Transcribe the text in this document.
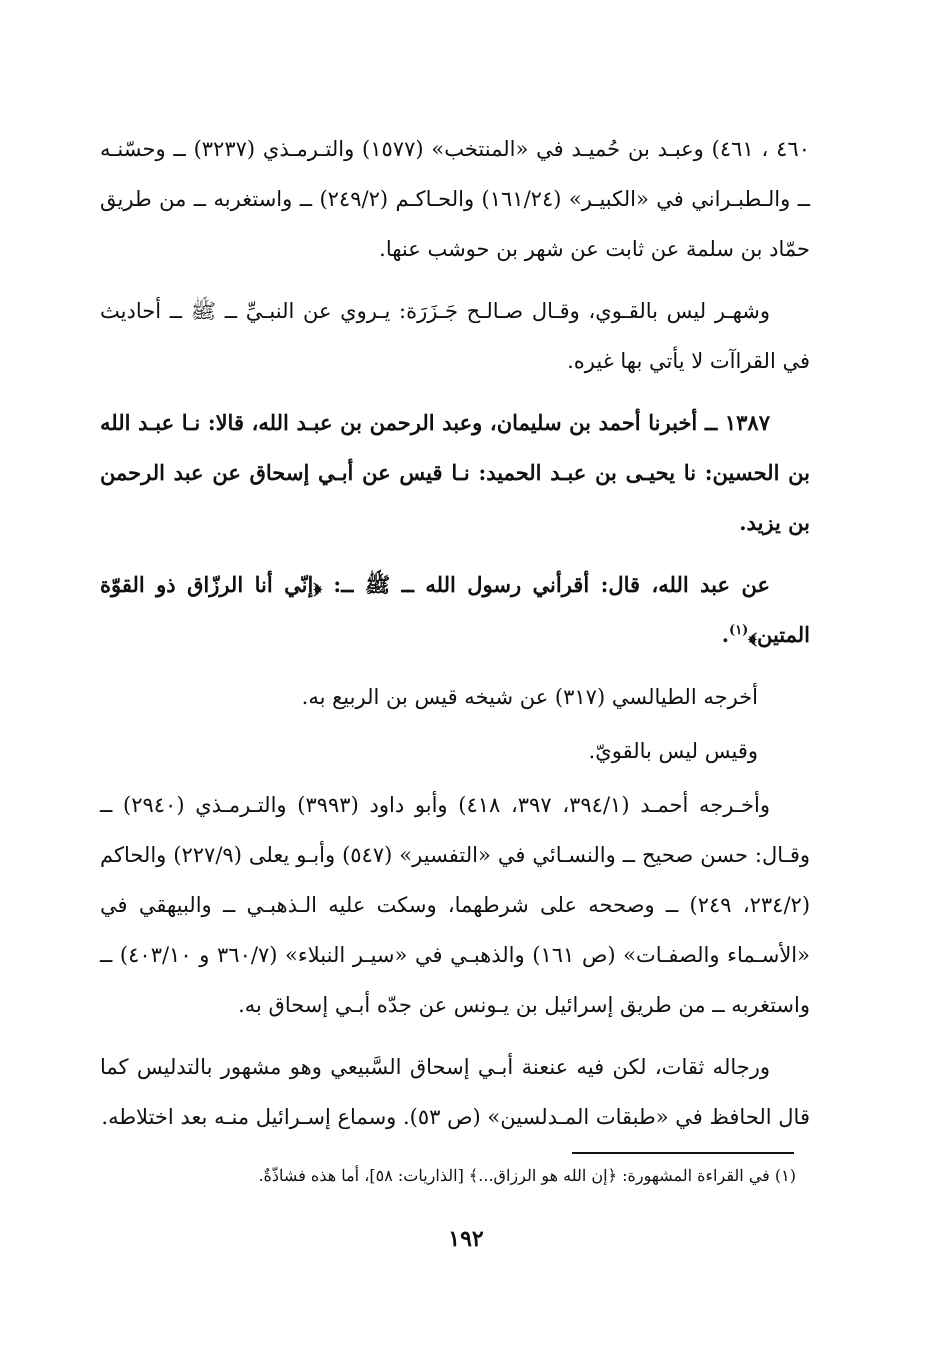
٤٦٠ ، ٤٦١) وعبـد بن حُميـد في «المنتخب» (١٥٧٧) والتـرمـذي (٣٢٣٧) ــ وحسّنـه ــ والـطبـراني في «الكبيـر» (١٦١/٢٤) والحـاكـم (٢٤٩/٢) ــ واستغربه ــ من طريق حمّاد بن سلمة عن ثابت عن شهر بن حوشب عنها.

وشهـر ليس بالقـوي، وقـال صـالـح جَـزَرَة: يـروي عن النبـيِّ ــ ﷺ ــ أحاديث في القراآت لا يأتي بها غيره.

١٣٨٧ ــ أخبرنا أحمد بن سليمان، وعبد الرحمن بن عبـد الله، قالا: نـا عبـد الله بن الحسين: نا يحيـى بن عبـد الحميد: نـا قيس عن أبـي إسحاق عن عبد الرحمن بن يزيد.

عن عبد الله، قال: أقرأني رسول الله ــ ﷺ ــ: ﴿إنّي أنا الرزّاق ذو القوّة المتين﴾$^{(١)}$.

أخرجه الطيالسي (٣١٧) عن شيخه قيس بن الربيع به.

وقيس ليس بالقويّ.

وأخـرجه أحمـد (٣٩٤/١، ٣٩٧، ٤١٨) وأبو داود (٣٩٩٣) والتـرمـذي (٢٩٤٠) ــ وقـال: حسن صحيح ــ والنسـائي في «التفسير» (٥٤٧) وأبـو يعلى (٢٢٧/٩) والحاكم (٢٣٤/٢، ٢٤٩) ــ وصححه على شرطهما، وسكت عليه الـذهبـي ــ والبيهقي في «الأسـماء والصفـات» (ص ١٦١) والذهبـي في «سيـر النبلاء» (٣٦٠/٧ و ٤٠٣/١٠) ــ واستغربه ــ من طريق إسرائيل بن يـونس عن جدّه أبـي إسحاق به.

ورجاله ثقات، لكن فيه عنعنة أبـي إسحاق السَّبيعي وهو مشهور بالتدليس كما قال الحافظ في «طبقات المـدلسين» (ص ٥٣). وسماع إسـرائيل منـه بعد اختلاطه.

(١) في القراءة المشهورة: ﴿إن الله هو الرزاق...﴾ [الذاريات: ٥٨]، أما هذه فشاذّةٌ.
١٩٢
